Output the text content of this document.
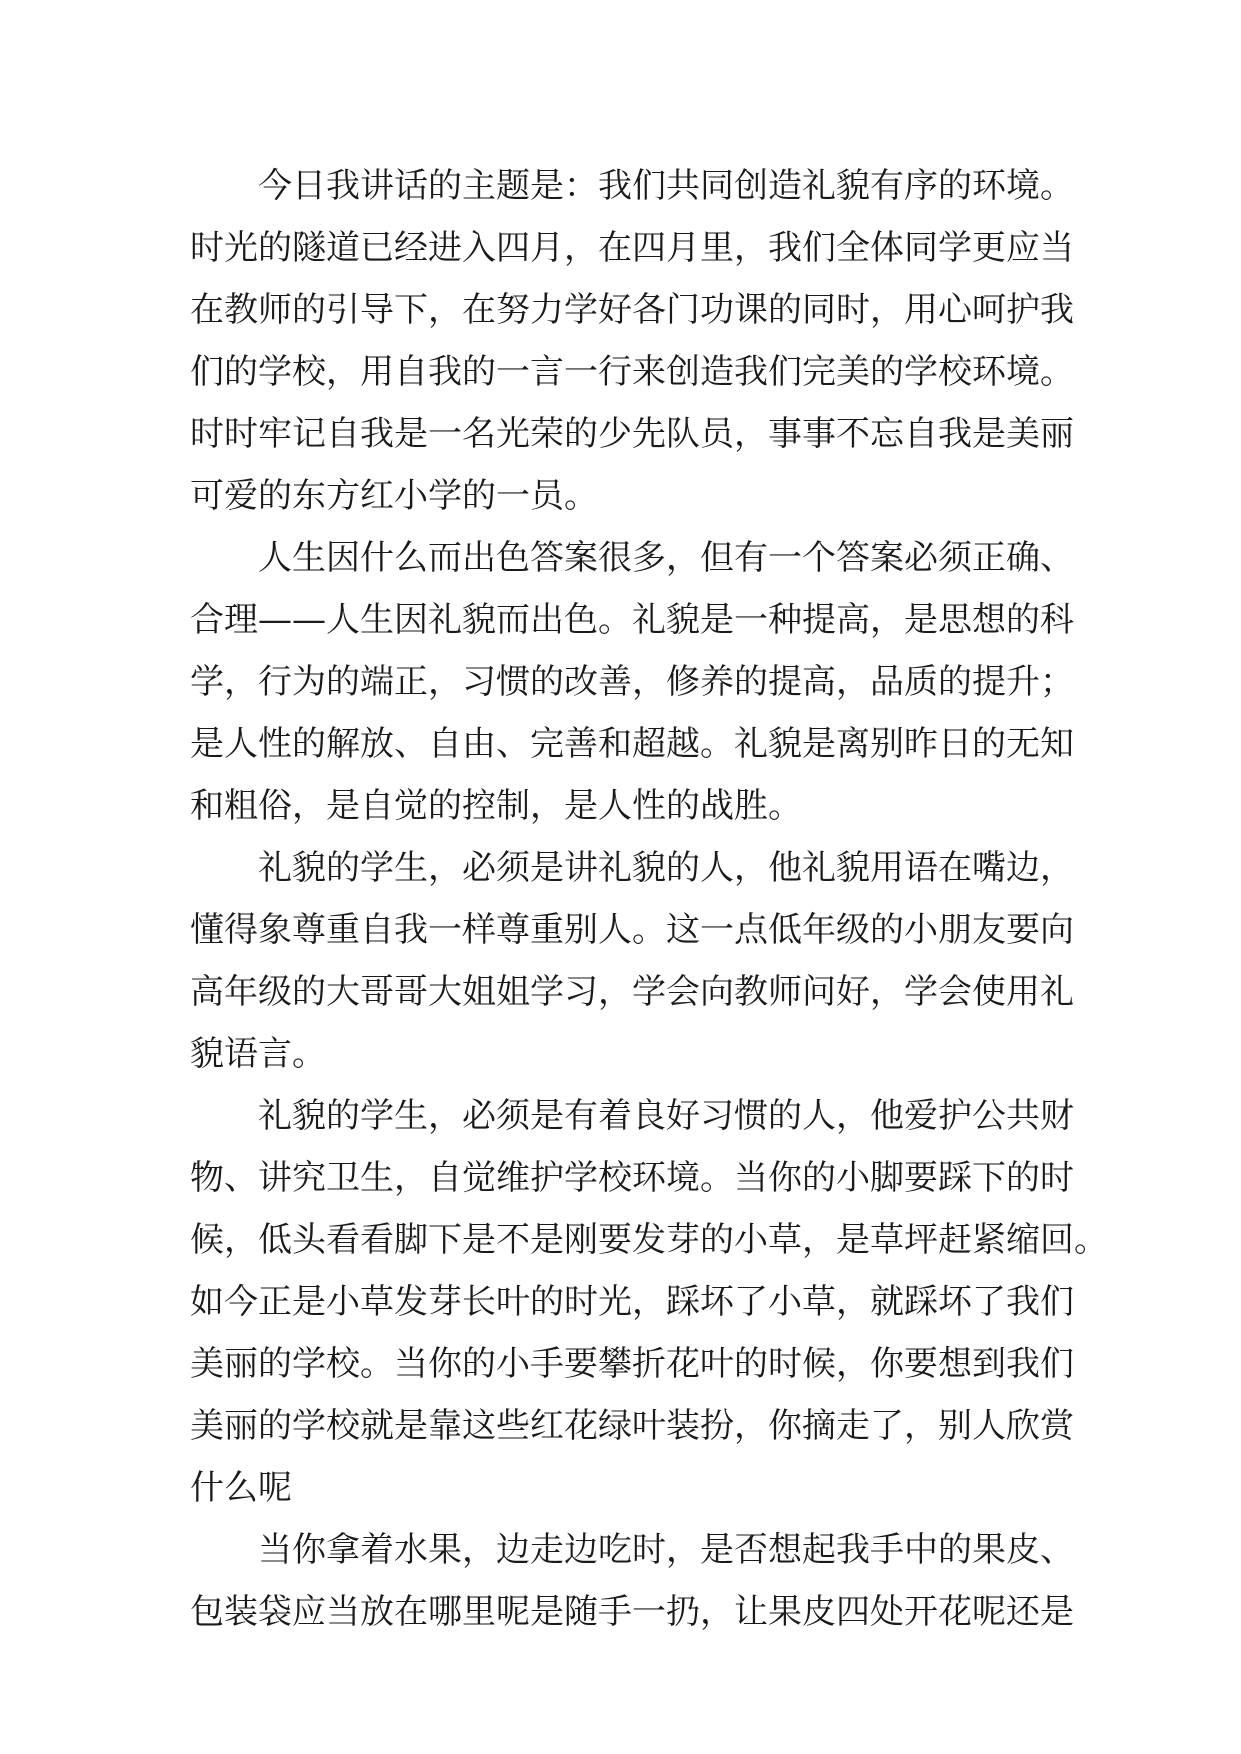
今日我讲话的主题是：我们共同创造礼貌有序的环境。
时光的隧道已经进入四月，在四月里，我们全体同学更应当
在教师的引导下，在努力学好各门功课的同时，用心呵护我
们的学校，用自我的一言一行来创造我们完美的学校环境。
时时牢记自我是一名光荣的少先队员，事事不忘自我是美丽
可爱的东方红小学的一员。
人生因什么而出色答案很多，但有一个答案必须正确、
合理——人生因礼貌而出色。礼貌是一种提高，是思想的科
学，行为的端正，习惯的改善，修养的提高，品质的提升；
是人性的解放、自由、完善和超越。礼貌是离别昨日的无知
和粗俗，是自觉的控制，是人性的战胜。
礼貌的学生，必须是讲礼貌的人，他礼貌用语在嘴边，
懂得象尊重自我一样尊重别人。这一点低年级的小朋友要向
高年级的大哥哥大姐姐学习，学会向教师问好，学会使用礼
貌语言。
礼貌的学生，必须是有着良好习惯的人，他爱护公共财
物、讲究卫生，自觉维护学校环境。当你的小脚要踩下的时
候，低头看看脚下是不是刚要发芽的小草，是草坪赶紧缩回。
如今正是小草发芽长叶的时光，踩坏了小草，就踩坏了我们
美丽的学校。当你的小手要攀折花叶的时候，你要想到我们
美丽的学校就是靠这些红花绿叶装扮，你摘走了，别人欣赏
什么呢
当你拿着水果，边走边吃时，是否想起我手中的果皮、
包装袋应当放在哪里呢是随手一扔，让果皮四处开花呢还是
